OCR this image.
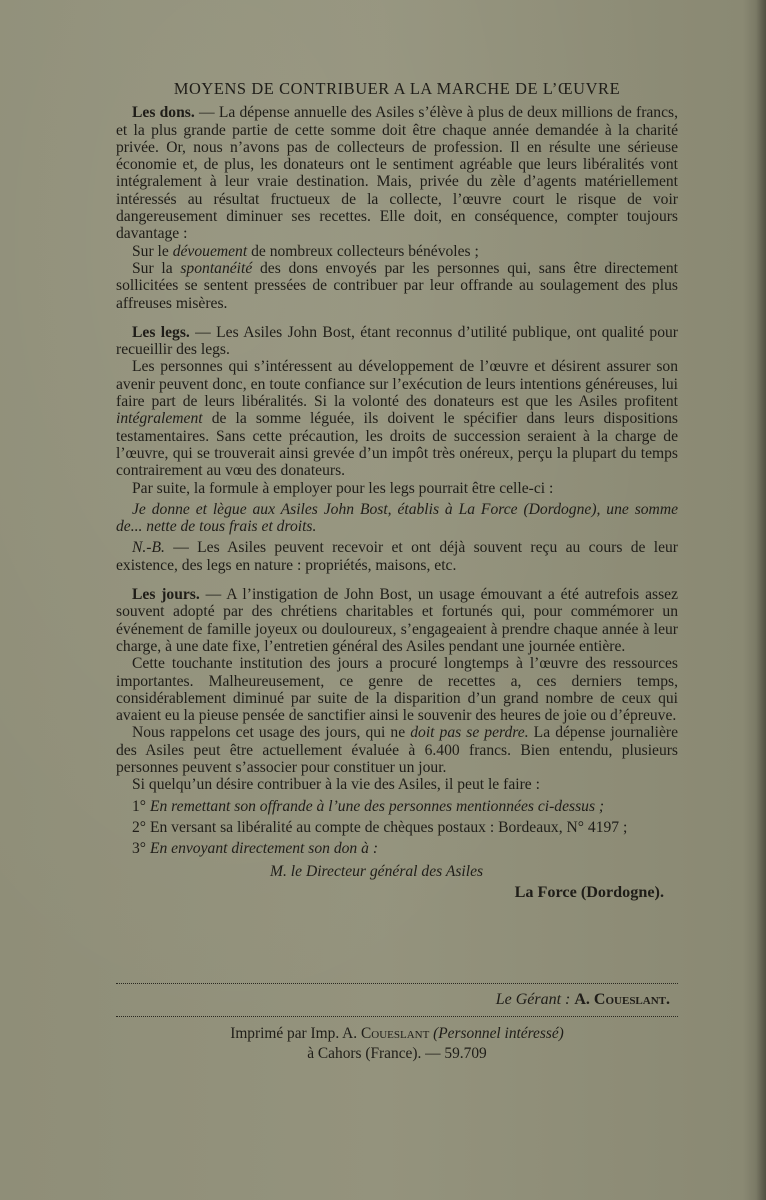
MOYENS DE CONTRIBUER A LA MARCHE DE L’ŒUVRE

Les dons. — La dépense annuelle des Asiles s’élève à plus de deux millions de francs, et la plus grande partie de cette somme doit être chaque année demandée à la charité privée. Or, nous n’avons pas de collecteurs de profession. Il en résulte une sérieuse économie et, de plus, les donateurs ont le sentiment agréable que leurs libéralités vont intégralement à leur vraie destination. Mais, privée du zèle d’agents matériellement intéressés au résultat fructueux de la collecte, l’œuvre court le risque de voir dangereusement diminuer ses recettes. Elle doit, en conséquence, compter toujours davantage :

Sur le dévouement de nombreux collecteurs bénévoles ;

Sur la spontanéité des dons envoyés par les personnes qui, sans être directement sollicitées se sentent pressées de contribuer par leur offrande au soulagement des plus affreuses misères.

Les legs. — Les Asiles John Bost, étant reconnus d’utilité publique, ont qualité pour recueillir des legs.

Les personnes qui s’intéressent au développement de l’œuvre et désirent assurer son avenir peuvent donc, en toute confiance sur l’exécution de leurs intentions généreuses, lui faire part de leurs libéralités. Si la volonté des donateurs est que les Asiles profitent intégralement de la somme léguée, ils doivent le spécifier dans leurs dispositions testamentaires. Sans cette précaution, les droits de succession seraient à la charge de l’œuvre, qui se trouverait ainsi grevée d’un impôt très onéreux, perçu la plupart du temps contrairement au vœu des donateurs.

Par suite, la formule à employer pour les legs pourrait être celle-ci :

Je donne et lègue aux Asiles John Bost, établis à La Force (Dordogne), une somme de... nette de tous frais et droits.

N.-B. — Les Asiles peuvent recevoir et ont déjà souvent reçu au cours de leur existence, des legs en nature : propriétés, maisons, etc.

Les jours. — A l’instigation de John Bost, un usage émouvant a été autrefois assez souvent adopté par des chrétiens charitables et fortunés qui, pour commémorer un événement de famille joyeux ou douloureux, s’engageaient à prendre chaque année à leur charge, à une date fixe, l’entretien général des Asiles pendant une journée entière.

Cette touchante institution des jours a procuré longtemps à l’œuvre des ressources importantes. Malheureusement, ce genre de recettes a, ces derniers temps, considérablement diminué par suite de la disparition d’un grand nombre de ceux qui avaient eu la pieuse pensée de sanctifier ainsi le souvenir des heures de joie ou d’épreuve.

Nous rappelons cet usage des jours, qui ne doit pas se perdre. La dépense journalière des Asiles peut être actuellement évaluée à 6.400 francs. Bien entendu, plusieurs personnes peuvent s’associer pour constituer un jour.

Si quelqu’un désire contribuer à la vie des Asiles, il peut le faire :

1° En remettant son offrande à l’une des personnes mentionnées ci-dessus ;

2° En versant sa libéralité au compte de chèques postaux : Bordeaux, N° 4197 ;

3° En envoyant directement son don à :

M. le Directeur général des Asiles

La Force (Dordogne).

Le Gérant : A. Coueslant.
Imprimé par Imp. A. Coueslant (Personnel intéressé)
à Cahors (France). — 59.709
